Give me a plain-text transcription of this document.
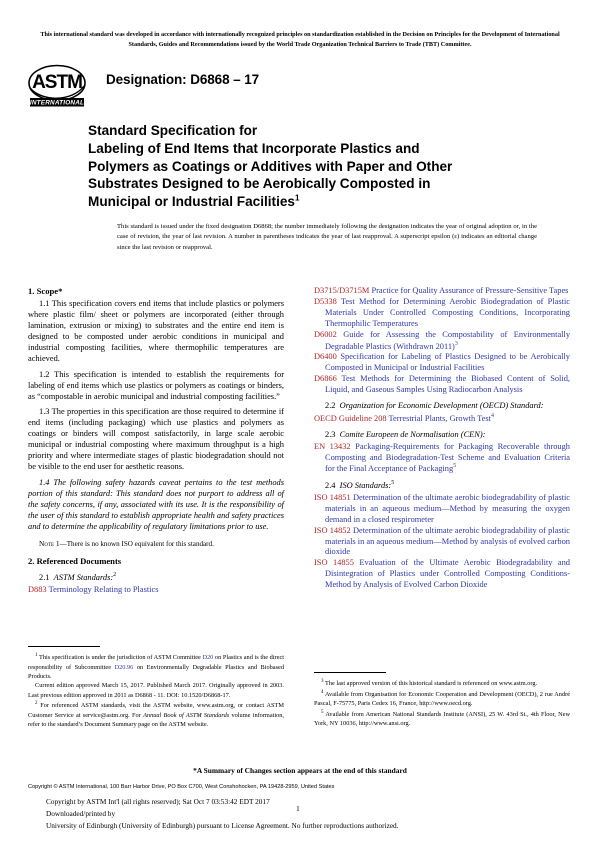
This international standard was developed in accordance with internationally recognized principles on standardization established in the Decision on Principles for the Development of International Standards, Guides and Recommendations issued by the World Trade Organization Technical Barriers to Trade (TBT) Committee.
ASTM
INTERNATIONAL
Designation: D6868 – 17
Standard Specification for
Labeling of End Items that Incorporate Plastics and
Polymers as Coatings or Additives with Paper and Other
Substrates Designed to be Aerobically Composted in
Municipal or Industrial Facilities$^1$
This standard is issued under the fixed designation D6868; the number immediately following the designation indicates the year of original adoption or, in the case of revision, the year of last revision. A number in parentheses indicates the year of last reapproval. A superscript epsilon (ε) indicates an editorial change since the last revision or reapproval.
1. Scope*

1.1 This specification covers end items that include plastics or polymers where plastic film/ sheet or polymers are incorporated (either through lamination, extrusion or mixing) to substrates and the entire end item is designed to be composted under aerobic conditions in municipal and industrial composting facilities, where thermophilic temperatures are achieved.

1.2 This specification is intended to establish the requirements for labeling of end items which use plastics or polymers as coatings or binders, as “compostable in aerobic municipal and industrial composting facilities.”

1.3 The properties in this specification are those required to determine if end items (including packaging) which use plastics and polymers as coatings or binders will compost satisfactorily, in large scale aerobic municipal or industrial composting where maximum throughput is a high priority and where intermediate stages of plastic biodegradation should not be visible to the end user for aesthetic reasons.

1.4 The following safety hazards caveat pertains to the test methods portion of this standard: This standard does not purport to address all of the safety concerns, if any, associated with its use. It is the responsibility of the user of this standard to establish appropriate health and safety practices and to determine the applicability of regulatory limitations prior to use.

Note 1—There is no known ISO equivalent for this standard.

2. Referenced Documents
2.1 ASTM Standards:$^2$
D883 Terminology Relating to Plastics
D3715/D3715M Practice for Quality Assurance of Pressure-Sensitive Tapes
D5338 Test Method for Determining Aerobic Biodegradation of Plastic Materials Under Controlled Composting Conditions, Incorporating Thermophilic Temperatures
D6002 Guide for Assessing the Compostability of Environmentally Degradable Plastics (Withdrawn 2011)$^3$
D6400 Specification for Labeling of Plastics Designed to be Aerobically Composted in Municipal or Industrial Facilities
D6866 Test Methods for Determining the Biobased Content of Solid, Liquid, and Gaseous Samples Using Radiocarbon Analysis
2.2 Organization for Economic Development (OECD) Standard:
OECD Guideline 208 Terrestrial Plants, Growth Test$^4$
2.3 Comite Europeen de Normalisation (CEN):
EN 13432 Packaging-Requirements for Packaging Recoverable through Composting and Biodegradation-Test Scheme and Evaluation Criteria for the Final Acceptance of Packaging$^5$
2.4 ISO Standards:$^5$
ISO 14851 Determination of the ultimate aerobic biodegradability of plastic materials in an aqueous medium—Method by measuring the oxygen demand in a closed respirometer
ISO 14852 Determination of the ultimate aerobic biodegradability of plastic materials in an aqueous medium—Method by analysis of evolved carbon dioxide
ISO 14855 Evaluation of the Ultimate Aerobic Biodegradability and Disintegration of Plastics under Controlled Composting Conditions-Method by Analysis of Evolved Carbon Dioxide

$^1$ This specification is under the jurisdiction of ASTM Committee D20 on Plastics and is the direct responsibility of Subcommittee D20.96 on Environmentally Degradable Plastics and Biobased Products.

Current edition approved March 15, 2017. Published March 2017. Originally approved in 2003. Last previous edition approved in 2011 as D6868 - 11. DOI: 10.1520/D6868-17.

$^2$ For referenced ASTM standards, visit the ASTM website, www.astm.org, or contact ASTM Customer Service at service@astm.org. For Annual Book of ASTM Standards volume information, refer to the standard’s Document Summary page on the ASTM website.

$^3$ The last approved version of this historical standard is referenced on www.astm.org.

$^4$ Available from Organisation for Economic Cooperation and Development (OECD), 2 rue André Pascal, F-75775, Paris Cedex 16, France, http://www.oecd.org.

$^5$ Available from American National Standards Institute (ANSI), 25 W. 43rd St., 4th Floor, New York, NY 10036, http://www.ansi.org.

*A Summary of Changes section appears at the end of this standard
Copyright © ASTM International, 100 Barr Harbor Drive, PO Box C700, West Conshohocken, PA 19428-2959, United States
Copyright by ASTM Int'l (all rights reserved); Sat Oct 7 03:53:42 EDT 2017
Downloaded/printed by
University of Edinburgh (University of Edinburgh) pursuant to License Agreement. No further reproductions authorized.
1
